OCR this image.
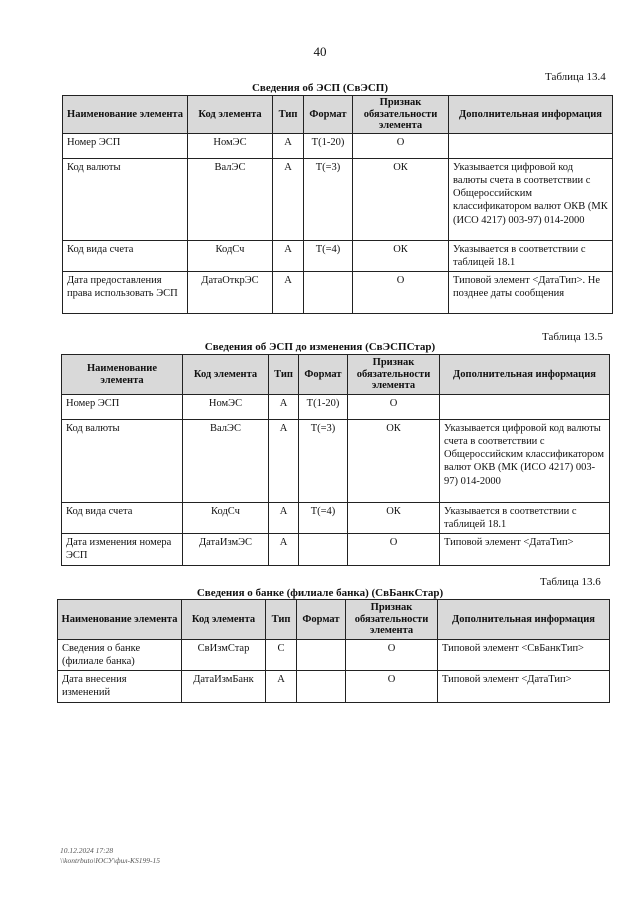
40
Таблица 13.4
Сведения об ЭСП (СвЭСП)
Наименование элемента	Код элемента	Тип	Формат	Признак обязательности элемента	Дополнительная информация
Номер ЭСП	НомЭС	А	Т(1-20)	О	
Код валюты	ВалЭС	А	Т(=3)	ОК	Указывается цифровой код валюты счета в соответствии с Общероссийским классификатором валют ОКВ (МК (ИСО 4217) 003-97) 014-2000
Код вида счета	КодСч	А	Т(=4)	ОК	Указывается в соответствии с таблицей 18.1
Дата предоставления права использовать ЭСП	ДатаОткрЭС	А		О	Типовой элемент <ДатаТип>. Не позднее даты сообщения
Таблица 13.5
Сведения об ЭСП до изменения (СвЭСПСтар)
Наименование элемента	Код элемента	Тип	Формат	Признак обязательности элемента	Дополнительная информация
Номер ЭСП	НомЭС	А	Т(1-20)	О	
Код валюты	ВалЭС	А	Т(=3)	ОК	Указывается цифровой код валюты счета в соответствии с Общероссийским классификатором валют ОКВ (МК (ИСО 4217) 003-97) 014-2000
Код вида счета	КодСч	А	Т(=4)	ОК	Указывается в соответствии с таблицей 18.1
Дата изменения номера ЭСП	ДатаИзмЭС	А		О	Типовой элемент <ДатаТип>
Таблица 13.6
Сведения о банке (филиале банка) (СвБанкСтар)
Наименование элемента	Код элемента	Тип	Формат	Признак обязательности элемента	Дополнительная информация
Сведения о банке (филиале банка)	СвИзмСтар	С		О	Типовой элемент <СвБанкТип>
Дата внесения изменений	ДатаИзмБанк	А		О	Типовой элемент <ДатаТип>
10.12.2024 17:28
\\kontrbuto\ЮСУ\фил-KS199-15
